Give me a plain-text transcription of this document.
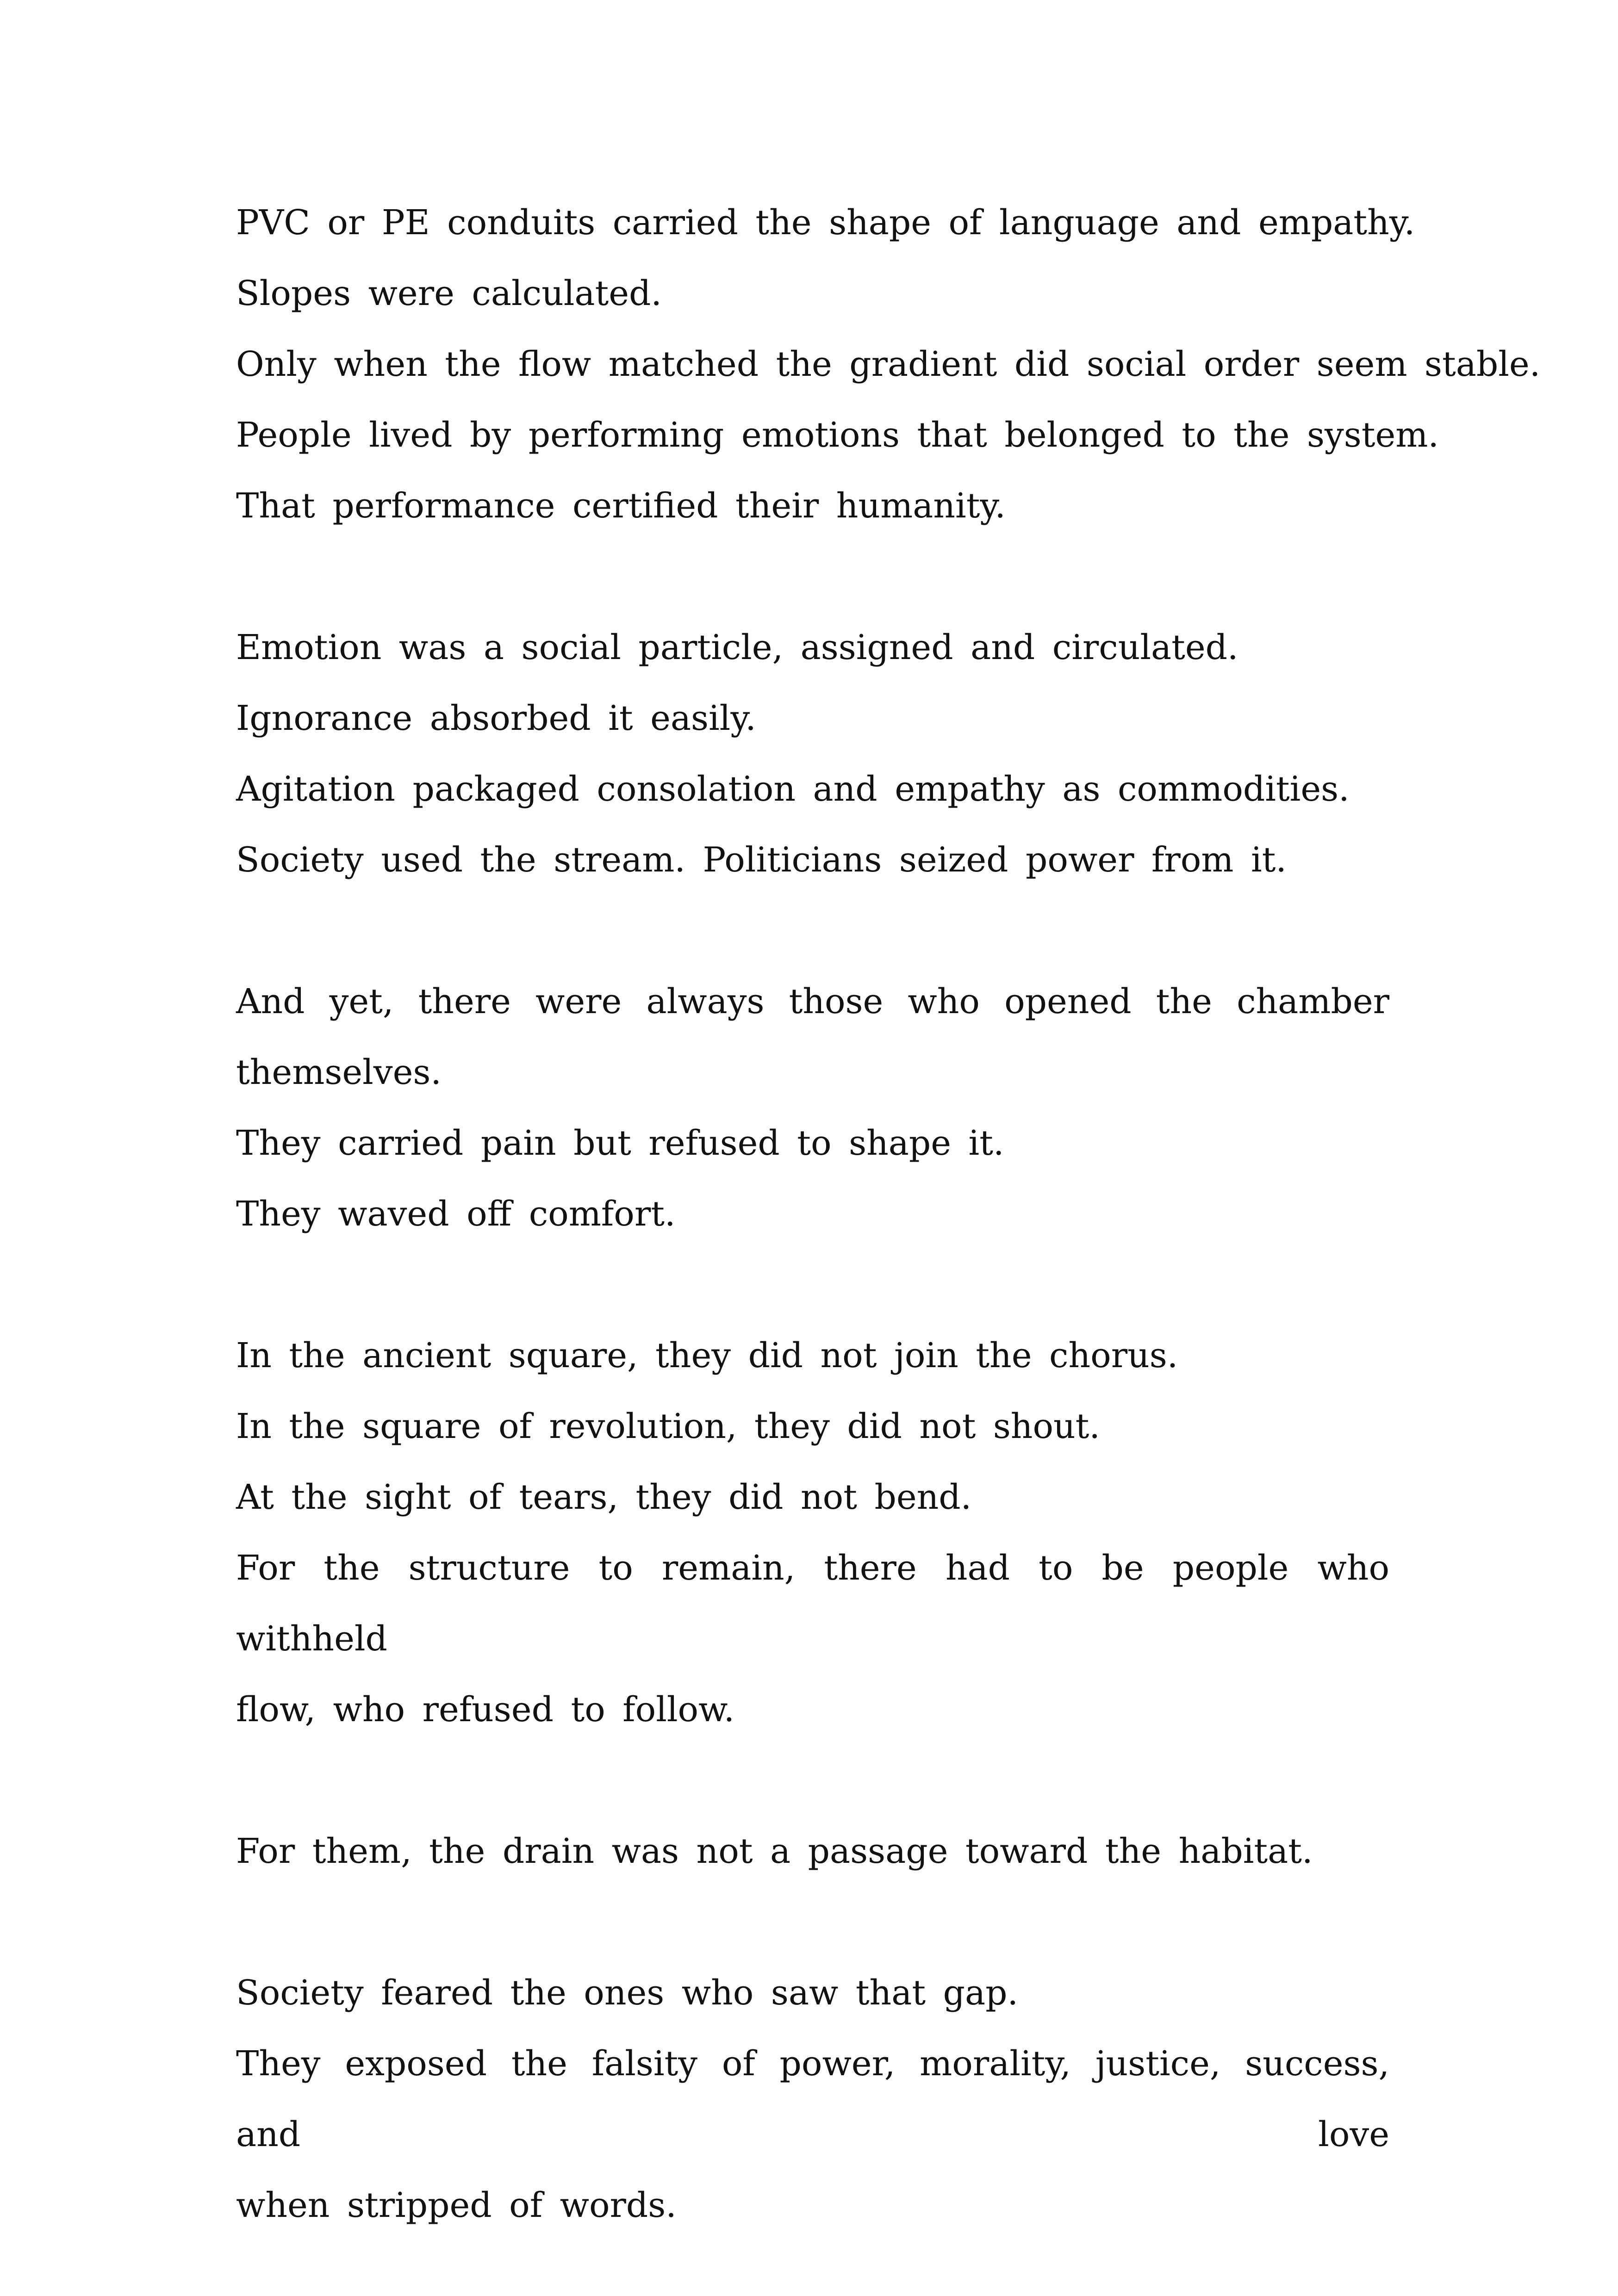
PVC or PE conduits carried the shape of language and empathy.
Slopes were calculated.
Only when the flow matched the gradient did social order seem stable.
People lived by performing emotions that belonged to the system.
That performance certified their humanity.

Emotion was a social particle, assigned and circulated.
Ignorance absorbed it easily.
Agitation packaged consolation and empathy as commodities.
Society used the stream. Politicians seized power from it.

And yet, there were always those who opened the chamber
themselves.
They carried pain but refused to shape it.
They waved off comfort.

In the ancient square, they did not join the chorus.
In the square of revolution, they did not shout.
At the sight of tears, they did not bend.
For the structure to remain, there had to be people who withheld
flow, who refused to follow.

For them, the drain was not a passage toward the habitat.

Society feared the ones who saw that gap.
They exposed the falsity of power, morality, justice, success, and love
when stripped of words.
